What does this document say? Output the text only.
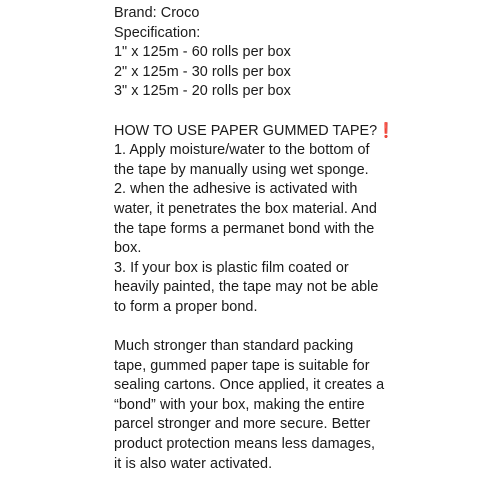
Brand: Croco
Specification:
1" x 125m - 60 rolls per box
2" x 125m - 30 rolls per box
3" x 125m - 20 rolls per box
HOW TO USE PAPER GUMMED TAPE?❗
1. Apply moisture/water to the bottom of
the tape by manually using wet sponge.
2. when the adhesive is activated with
water, it penetrates the box material. And
the tape forms a permanet bond with the
box.
3. If your box is plastic film coated or
heavily painted, the tape may not be able
to form a proper bond.
Much stronger than standard packing
tape, gummed paper tape is suitable for
sealing cartons. Once applied, it creates a
“bond” with your box, making the entire
parcel stronger and more secure. Better
product protection means less damages,
it is also water activated.
